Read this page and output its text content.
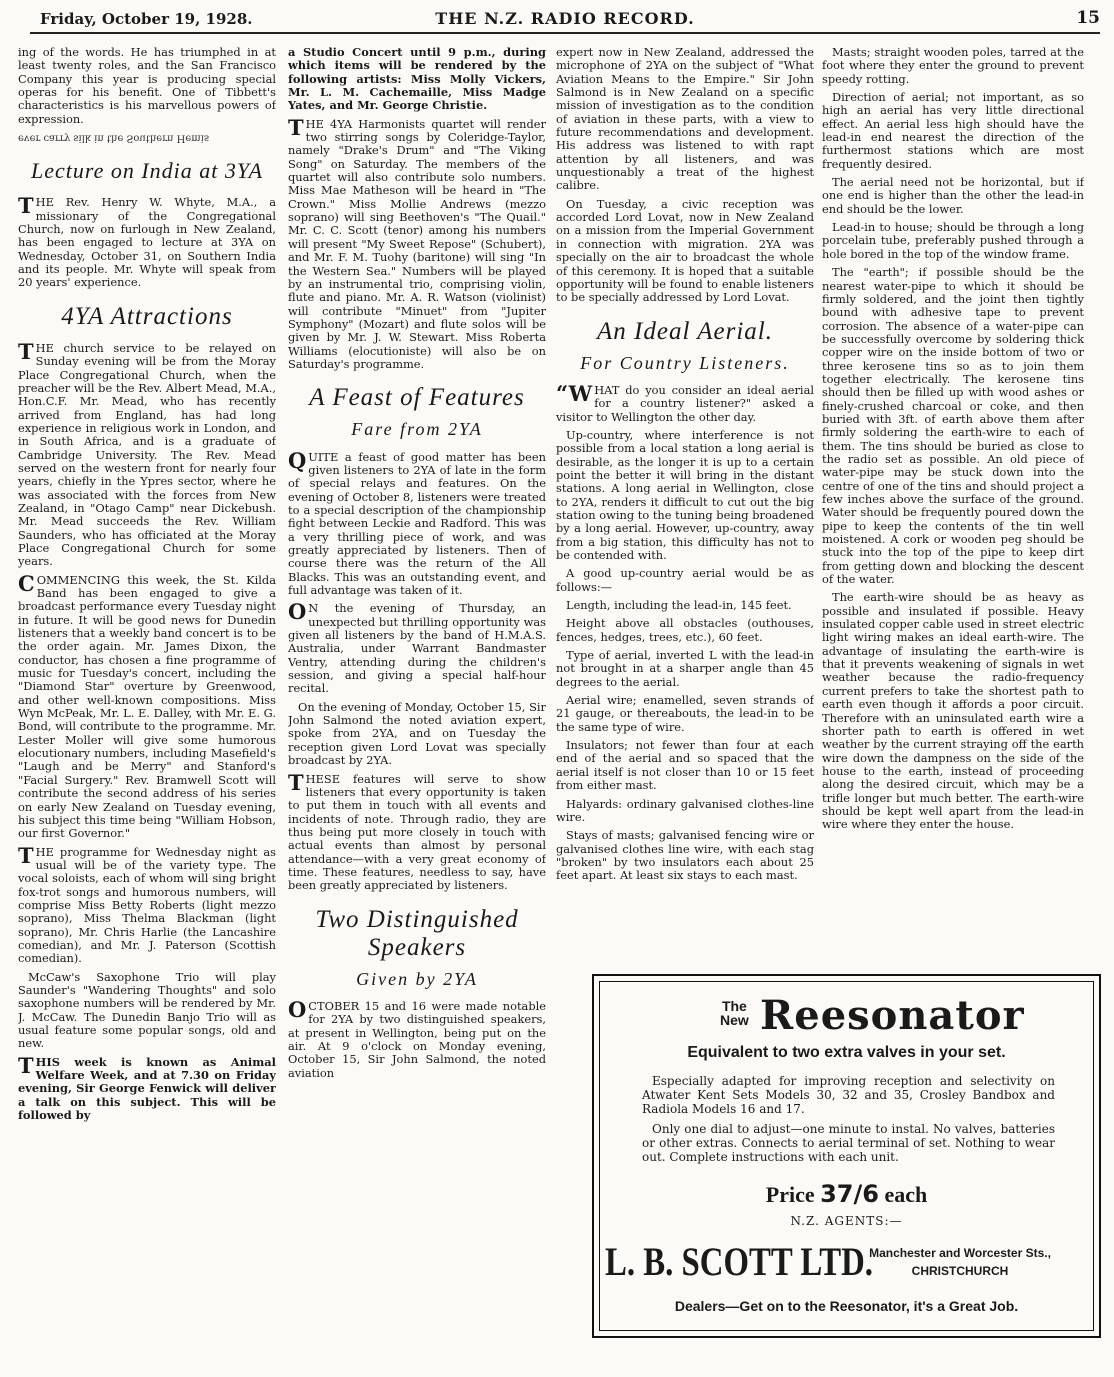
Friday, October 19, 1928.	THE N.Z. RADIO RECORD.	15

ing of the words. He has triumphed in at least twenty roles, and the San Francisco Company this year is producing special operas for his benefit. One of Tibbett's characteristics is his marvellous powers of expression.

ever carry silk in the Southern Hemis

Lecture on India at 3YA

THE Rev. Henry W. Whyte, M.A., a missionary of the Congregational Church, now on furlough in New Zealand, has been engaged to lecture at 3YA on Wednesday, October 31, on Southern India and its people. Mr. Whyte will speak from 20 years' experience.

4YA Attractions

THE church service to be relayed on Sunday evening will be from the Moray Place Congregational Church, when the preacher will be the Rev. Albert Mead, M.A., Hon.C.F. Mr. Mead, who has recently arrived from England, has had long experience in religious work in London, and in South Africa, and is a graduate of Cambridge University. The Rev. Mead served on the western front for nearly four years, chiefly in the Ypres sector, where he was associated with the forces from New Zealand, in "Otago Camp" near Dickebush. Mr. Mead succeeds the Rev. William Saunders, who has officiated at the Moray Place Congregational Church for some years.

COMMENCING this week, the St. Kilda Band has been engaged to give a broadcast performance every Tuesday night in future. It will be good news for Dunedin listeners that a weekly band concert is to be the order again. Mr. James Dixon, the conductor, has chosen a fine programme of music for Tuesday's concert, including the "Diamond Star" overture by Greenwood, and other well-known compositions. Miss Wyn McPeak, Mr. L. E. Dalley, with Mr. E. G. Bond, will contribute to the programme. Mr. Lester Moller will give some humorous elocutionary numbers, including Masefield's "Laugh and be Merry" and Stanford's "Facial Surgery." Rev. Bramwell Scott will contribute the second address of his series on early New Zealand on Tuesday evening, his subject this time being "William Hobson, our first Governor."

THE programme for Wednesday night as usual will be of the variety type. The vocal soloists, each of whom will sing bright fox-trot songs and humorous numbers, will comprise Miss Betty Roberts (light mezzo soprano), Miss Thelma Blackman (light soprano), Mr. Chris Harlie (the Lancashire comedian), and Mr. J. Paterson (Scottish comedian).

McCaw's Saxophone Trio will play Saunder's "Wandering Thoughts" and solo saxophone numbers will be rendered by Mr. J. McCaw. The Dunedin Banjo Trio will as usual feature some popular songs, old and new.

THIS week is known as Animal Welfare Week, and at 7.30 on Friday evening, Sir George Fenwick will deliver a talk on this subject. This will be followed by

a Studio Concert until 9 p.m., during which items will be rendered by the following artists: Miss Molly Vickers, Mr. L. M. Cachemaille, Miss Madge Yates, and Mr. George Christie.

THE 4YA Harmonists quartet will render two stirring songs by Coleridge-Taylor, namely "Drake's Drum" and "The Viking Song" on Saturday. The members of the quartet will also contribute solo numbers. Miss Mae Matheson will be heard in "The Crown." Miss Mollie Andrews (mezzo soprano) will sing Beethoven's "The Quail." Mr. C. C. Scott (tenor) among his numbers will present "My Sweet Repose" (Schubert), and Mr. F. M. Tuohy (baritone) will sing "In the Western Sea." Numbers will be played by an instrumental trio, comprising violin, flute and piano. Mr. A. R. Watson (violinist) will contribute "Minuet" from "Jupiter Symphony" (Mozart) and flute solos will be given by Mr. J. W. Stewart. Miss Roberta Williams (elocutioniste) will also be on Saturday's programme.

A Feast of Features
Fare from 2YA

QUITE a feast of good matter has been given listeners to 2YA of late in the form of special relays and features. On the evening of October 8, listeners were treated to a special description of the championship fight between Leckie and Radford. This was a very thrilling piece of work, and was greatly appreciated by listeners. Then of course there was the return of the All Blacks. This was an outstanding event, and full advantage was taken of it.

O N the evening of Thursday, an unexpected but thrilling opportunity was given all listeners by the band of H.M.A.S. Australia, under Warrant Bandmaster Ventry, attending during the children's session, and giving a special half-hour recital.

On the evening of Monday, October 15, Sir John Salmond the noted aviation expert, spoke from 2YA, and on Tuesday the reception given Lord Lovat was specially broadcast by 2YA.

THESE features will serve to show listeners that every opportunity is taken to put them in touch with all events and incidents of note. Through radio, they are thus being put more closely in touch with actual events than almost by personal attendance—with a very great economy of time. These features, needless to say, have been greatly appreciated by listeners.

Two Distinguished
Speakers
Given by 2YA

OCTOBER 15 and 16 were made notable for 2YA by two distinguished speakers, at present in Wellington, being put on the air. At 9 o'clock on Monday evening, October 15, Sir John Salmond, the noted aviation

expert now in New Zealand, addressed the microphone of 2YA on the subject of "What Aviation Means to the Empire." Sir John Salmond is in New Zealand on a specific mission of investigation as to the condition of aviation in these parts, with a view to future recommendations and development. His address was listened to with rapt attention by all listeners, and was unquestionably a treat of the highest calibre.

On Tuesday, a civic reception was accorded Lord Lovat, now in New Zealand on a mission from the Imperial Government in connection with migration. 2YA was specially on the air to broadcast the whole of this ceremony. It is hoped that a suitable opportunity will be found to enable listeners to be specially addressed by Lord Lovat.

An Ideal Aerial.
For Country Listeners.

“WHAT do you consider an ideal aerial for a country listener?" asked a visitor to Wellington the other day.

Up-country, where interference is not possible from a local station a long aerial is desirable, as the longer it is up to a certain point the better it will bring in the distant stations. A long aerial in Wellington, close to 2YA, renders it difficult to cut out the big station owing to the tuning being broadened by a long aerial. However, up-country, away from a big station, this difficulty has not to be contended with.

A good up-country aerial would be as follows:—

Length, including the lead-in, 145 feet.

Height above all obstacles (outhouses, fences, hedges, trees, etc.), 60 feet.

Type of aerial, inverted L with the lead-in not brought in at a sharper angle than 45 degrees to the aerial.

Aerial wire; enamelled, seven strands of 21 gauge, or thereabouts, the lead-in to be the same type of wire.

Insulators; not fewer than four at each end of the aerial and so spaced that the aerial itself is not closer than 10 or 15 feet from either mast.

Halyards: ordinary galvanised clothes-line wire.

Stays of masts; galvanised fencing wire or galvanised clothes line wire, with each stag "broken" by two insulators each about 25 feet apart. At least six stays to each mast.

Masts; straight wooden poles, tarred at the foot where they enter the ground to prevent speedy rotting.

Direction of aerial; not important, as so high an aerial has very little directional effect. An aerial less high should have the lead-in end nearest the direction of the furthermost stations which are most frequently desired.

The aerial need not be horizontal, but if one end is higher than the other the lead-in end should be the lower.

Lead-in to house; should be through a long porcelain tube, preferably pushed through a hole bored in the top of the window frame.

The "earth"; if possible should be the nearest water-pipe to which it should be firmly soldered, and the joint then tightly bound with adhesive tape to prevent corrosion. The absence of a water-pipe can be successfully overcome by soldering thick copper wire on the inside bottom of two or three kerosene tins so as to join them together electrically. The kerosene tins should then be filled up with wood ashes or finely-crushed charcoal or coke, and then buried with 3ft. of earth above them after firmly soldering the earth-wire to each of them. The tins should be buried as close to the radio set as possible. An old piece of water-pipe may be stuck down into the centre of one of the tins and should project a few inches above the surface of the ground. Water should be frequently poured down the pipe to keep the contents of the tin well moistened. A cork or wooden peg should be stuck into the top of the pipe to keep dirt from getting down and blocking the descent of the water.

The earth-wire should be as heavy as possible and insulated if possible. Heavy insulated copper cable used in street electric light wiring makes an ideal earth-wire. The advantage of insulating the earth-wire is that it prevents weakening of signals in wet weather because the radio-frequency current prefers to take the shortest path to earth even though it affords a poor circuit. Therefore with an uninsulated earth wire a shorter path to earth is offered in wet weather by the current straying off the earth wire down the dampness on the side of the house to the earth, instead of proceeding along the desired circuit, which may be a trifle longer but much better. The earth-wire should be kept well apart from the lead-in wire where they enter the house.

The
New Reesonator
Equivalent to two extra valves in your set.

Especially adapted for improving reception and selectivity on Atwater Kent Sets Models 30, 32 and 35, Crosley Bandbox and Radiola Models 16 and 17.

Only one dial to adjust—one minute to instal. No valves, batteries or other extras. Connects to aerial terminal of set. Nothing to wear out. Complete instructions with each unit.

Price 37/6 each
N.Z. AGENTS:—
L. B. SCOTT LTD.
Manchester and Worcester Sts.,
CHRISTCHURCH
Dealers—Get on to the Reesonator, it's a Great Job.
